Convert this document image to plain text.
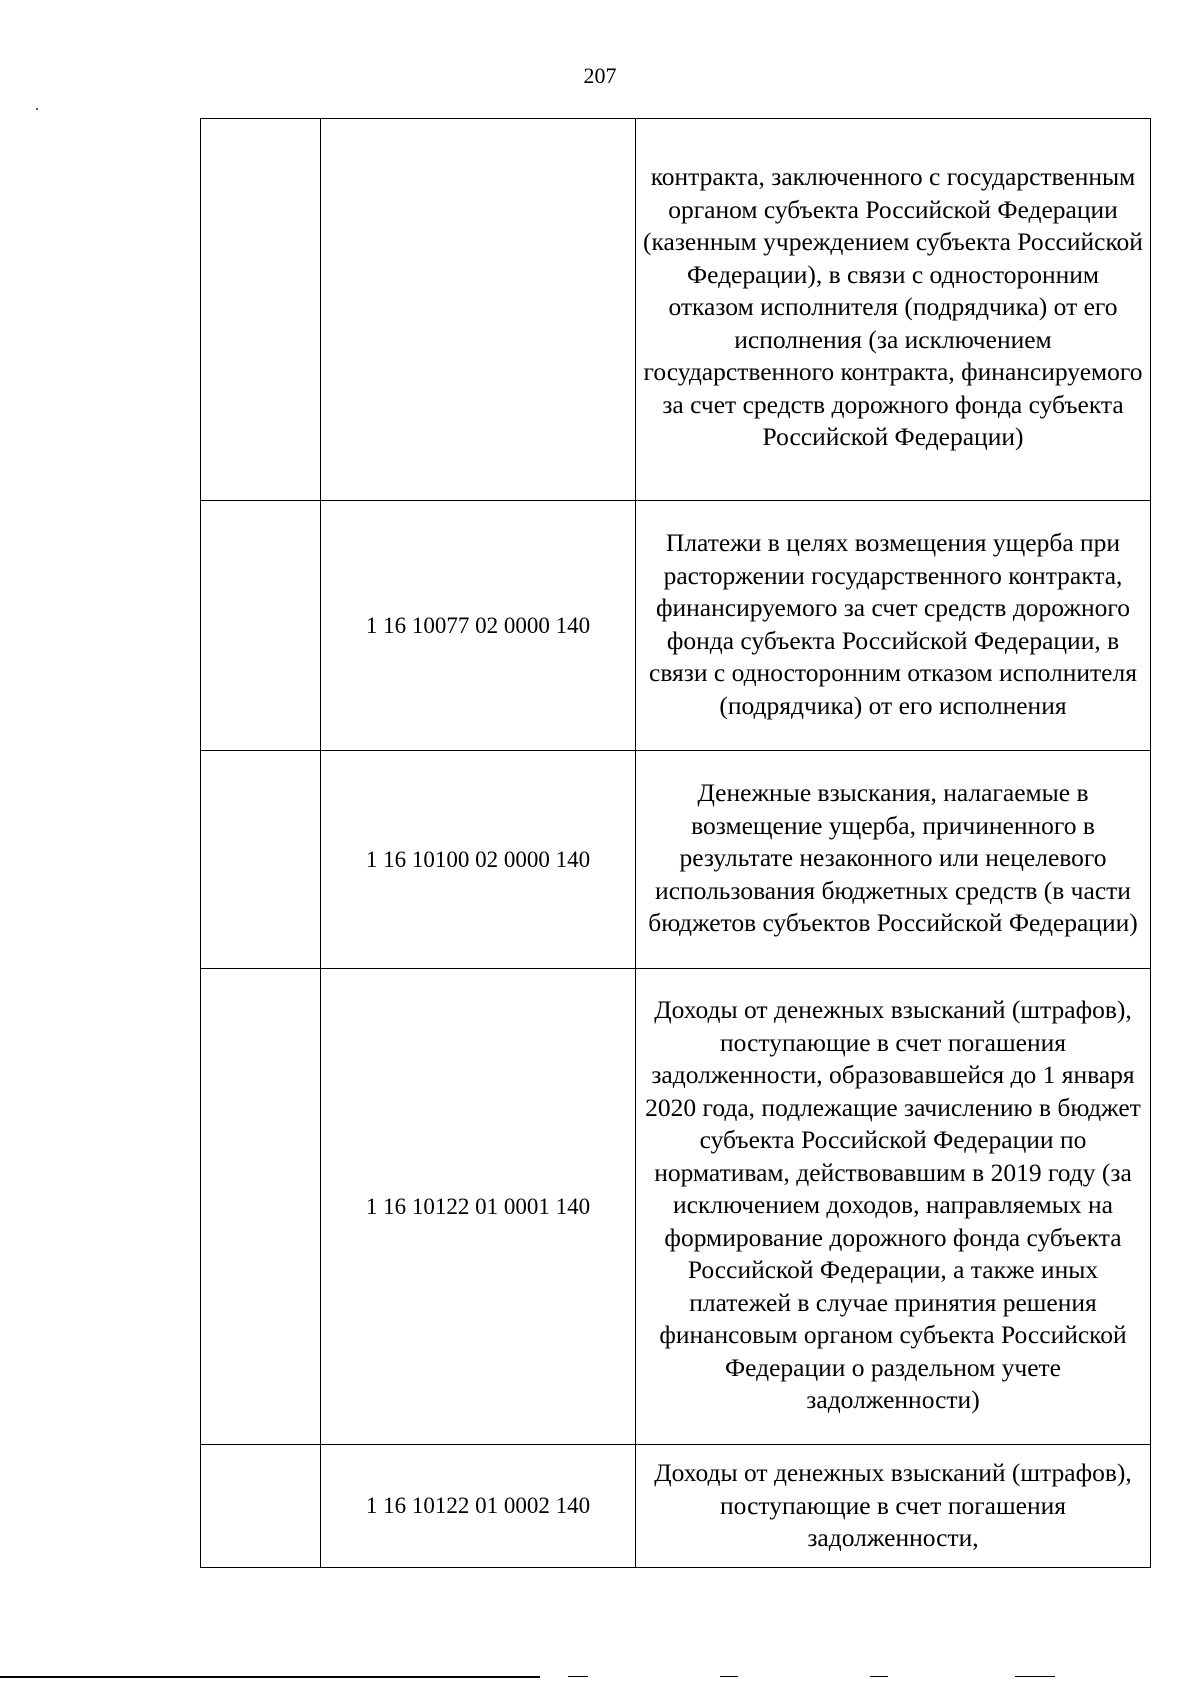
207
		контракта, заключенного с государственным органом субъекта Российской Федерации (казенным учреждением субъекта Российской Федерации), в связи с односторонним отказом исполнителя (подрядчика) от его исполнения (за исключением государственного контракта, финансируемого за счет средств дорожного фонда субъекта Российской Федерации)
	1 16 10077 02 0000 140	Платежи в целях возмещения ущерба при расторжении государственного контракта, финансируемого за счет средств дорожного фонда субъекта Российской Федерации, в связи с односторонним отказом исполнителя (подрядчика) от его исполнения
	1 16 10100 02 0000 140	Денежные взыскания, налагаемые в возмещение ущерба, причиненного в результате незаконного или нецелевого использования бюджетных средств (в части бюджетов субъектов Российской Федерации)
	1 16 10122 01 0001 140	Доходы от денежных взысканий (штрафов), поступающие в счет погашения задолженности, образовавшейся до 1 января 2020 года, подлежащие зачислению в бюджет субъекта Российской Федерации по нормативам, действовавшим в 2019 году (за исключением доходов, направляемых на формирование дорожного фонда субъекта Российской Федерации, а также иных платежей в случае принятия решения финансовым органом субъекта Российской Федерации о раздельном учете задолженности)
	1 16 10122 01 0002 140	Доходы от денежных взысканий (штрафов), поступающие в счет погашения задолженности,
